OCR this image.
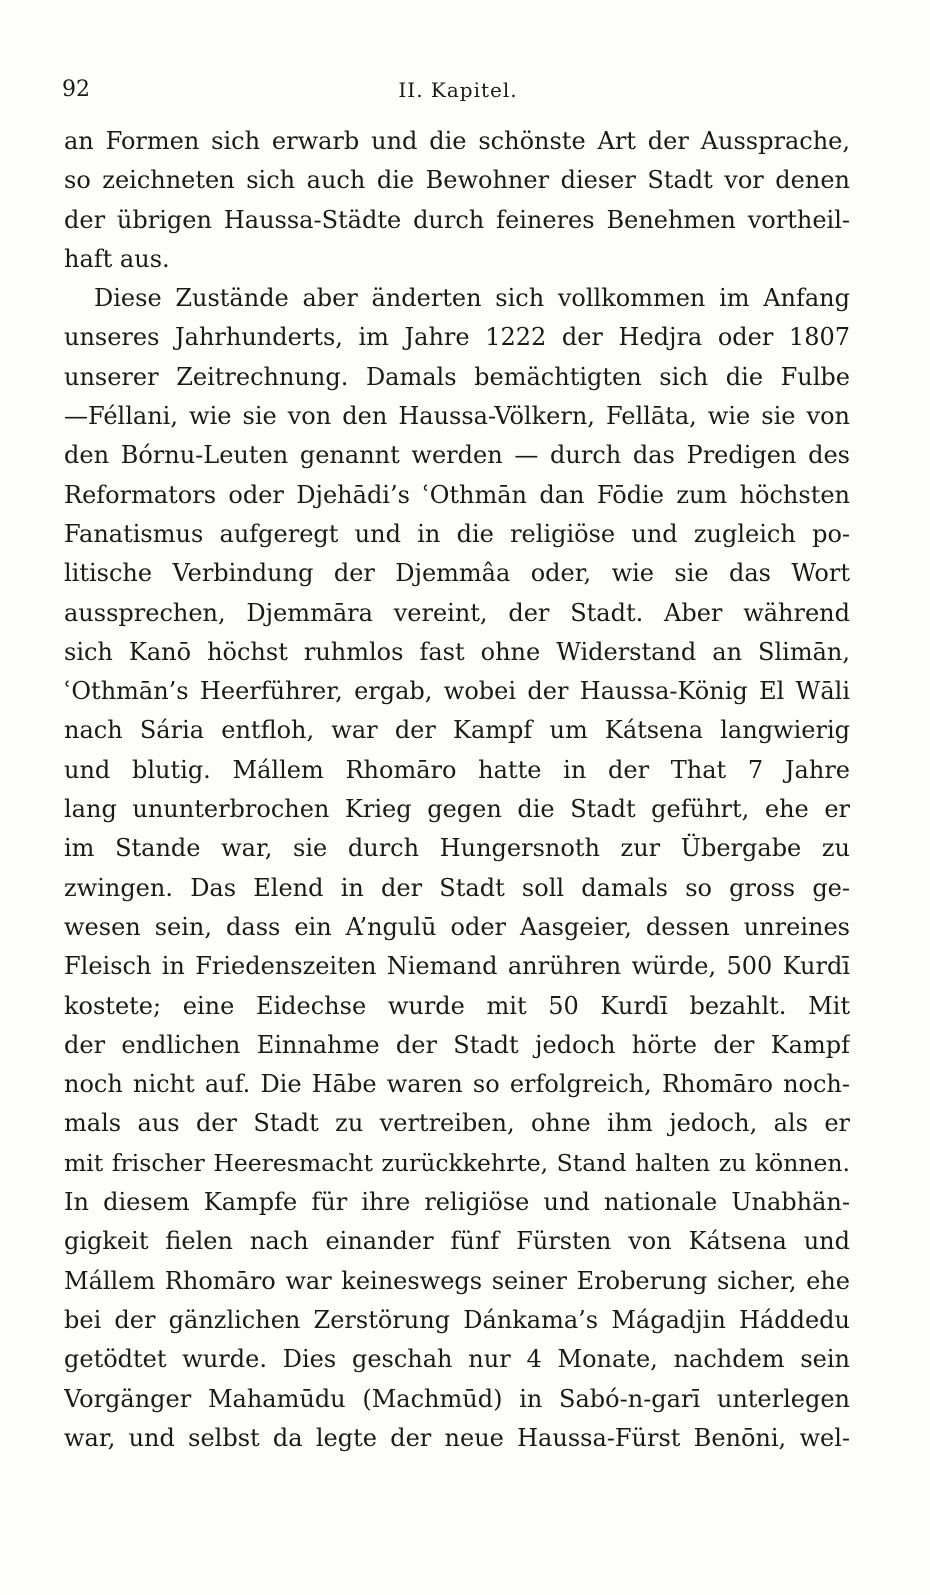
92	II. Kapitel.
an Formen sich erwarb und die schönste Art der Aussprache,
so zeichneten sich auch die Bewohner dieser Stadt vor denen
der übrigen Haussa-Städte durch feineres Benehmen vortheil-
haft aus.
Diese Zustände aber änderten sich vollkommen im Anfang
unseres Jahrhunderts, im Jahre 1222 der Hedjra oder 1807
unserer Zeitrechnung. Damals bemächtigten sich die Fulbe
—Féllani, wie sie von den Haussa-Völkern, Fellāta, wie sie von
den Bórnu-Leuten genannt werden — durch das Predigen des
Reformators oder Djehādi’s ʿOthmān dan Fōdie zum höchsten
Fanatismus aufgeregt und in die religiöse und zugleich po-
litische Verbindung der Djemmâa oder, wie sie das Wort
aussprechen, Djemmāra vereint, der Stadt. Aber während
sich Kanō höchst ruhmlos fast ohne Widerstand an Slimān,
ʿOthmān’s Heerführer, ergab, wobei der Haussa-König El Wāli
nach Sária entfloh, war der Kampf um Kátsena langwierig
und blutig. Mállem Rhomāro hatte in der That 7 Jahre
lang ununterbrochen Krieg gegen die Stadt geführt, ehe er
im Stande war, sie durch Hungersnoth zur Übergabe zu
zwingen. Das Elend in der Stadt soll damals so gross ge-
wesen sein, dass ein A’ngulū oder Aasgeier, dessen unreines
Fleisch in Friedenszeiten Niemand anrühren würde, 500 Kurdī
kostete; eine Eidechse wurde mit 50 Kurdī bezahlt. Mit
der endlichen Einnahme der Stadt jedoch hörte der Kampf
noch nicht auf. Die Hābe waren so erfolgreich, Rhomāro noch-
mals aus der Stadt zu vertreiben, ohne ihm jedoch, als er
mit frischer Heeresmacht zurückkehrte, Stand halten zu können.
In diesem Kampfe für ihre religiöse und nationale Unabhän-
gigkeit fielen nach einander fünf Fürsten von Kátsena und
Mállem Rhomāro war keineswegs seiner Eroberung sicher, ehe
bei der gänzlichen Zerstörung Dánkama’s Mágadjin Háddedu
getödtet wurde. Dies geschah nur 4 Monate, nachdem sein
Vorgänger Mahamūdu (Machmūd) in Sabó-n-garī unterlegen
war, und selbst da legte der neue Haussa-Fürst Benōni, wel-
